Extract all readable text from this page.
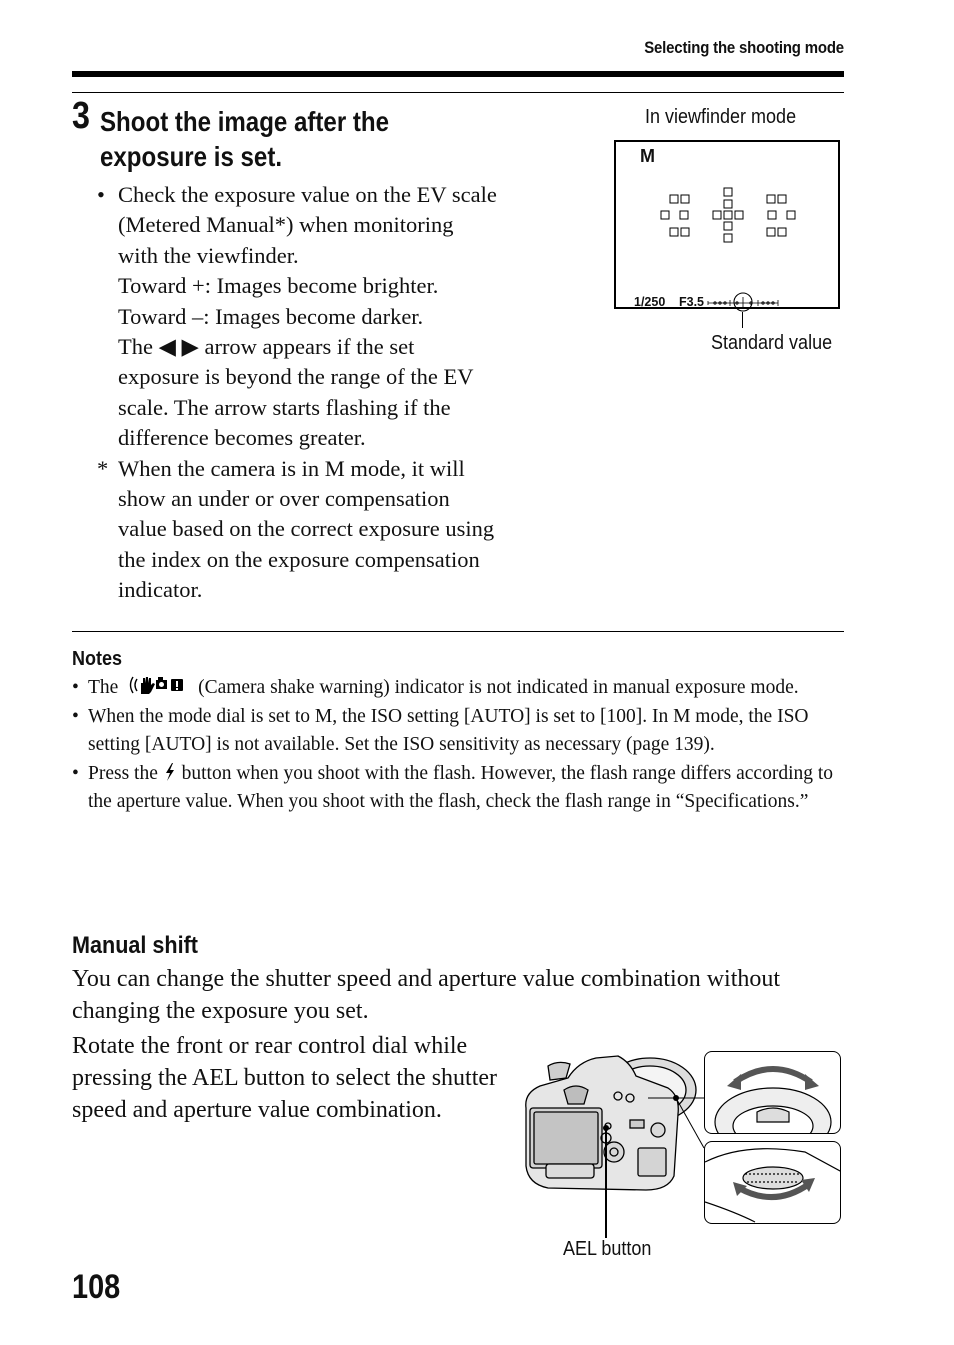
Selecting the shooting mode
3 Shoot the image after the exposure is set.
• Check the exposure value on the EV scale (Metered Manual*) when monitoring with the viewfinder.
Toward +: Images become brighter.
Toward –: Images become darker.
The ◀ ▶ arrow appears if the set exposure is beyond the range of the EV scale. The arrow starts flashing if the difference becomes greater.
* When the camera is in M mode, it will show an under or over compensation value based on the correct exposure using the index on the exposure compensation indicator.
In viewfinder mode
M
1/250 F3.5
Standard value
Notes
• The	(Camera shake warning) indicator is not indicated in manual exposure mode.
• When the mode dial is set to M, the ISO setting [AUTO] is set to [100]. In M mode, the ISO setting [AUTO] is not available. Set the ISO sensitivity as necessary (page 139).
• Press the button when you shoot with the flash. However, the flash range differs according to the aperture value. When you shoot with the flash, check the flash range in “Specifications.”
Manual shift
You can change the shutter speed and aperture value combination without changing the exposure you set.
Rotate the front or rear control dial while pressing the AEL button to select the shutter speed and aperture value combination.
AEL button
108
